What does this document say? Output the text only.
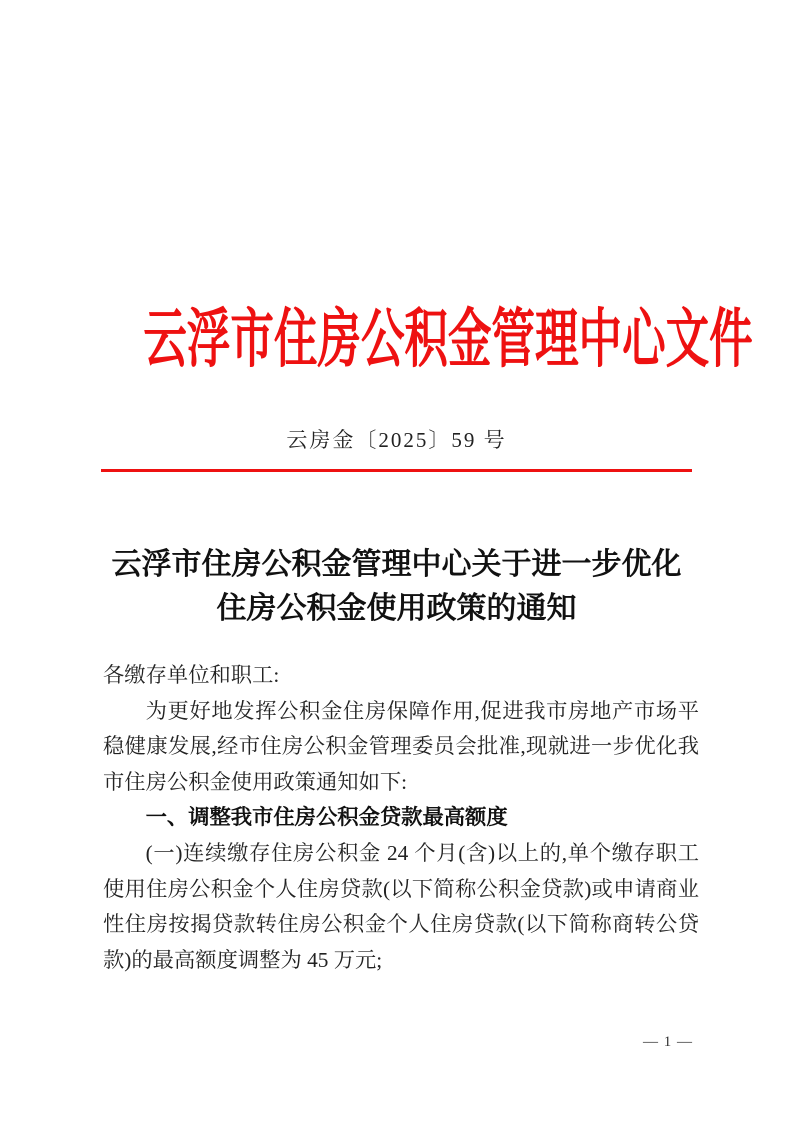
云浮市住房公积金管理中心文件
云房金〔2025〕59 号
云浮市住房公积金管理中心关于进一步优化
住房公积金使用政策的通知

各缴存单位和职工:

为更好地发挥公积金住房保障作用,促进我市房地产市场平稳健康发展,经市住房公积金管理委员会批准,现就进一步优化我市住房公积金使用政策通知如下:

一、调整我市住房公积金贷款最高额度

(一)连续缴存住房公积金 24 个月(含)以上的,单个缴存职工使用住房公积金个人住房贷款(以下简称公积金贷款)或申请商业性住房按揭贷款转住房公积金个人住房贷款(以下简称商转公贷款)的最高额度调整为 45 万元;

— 1 —
